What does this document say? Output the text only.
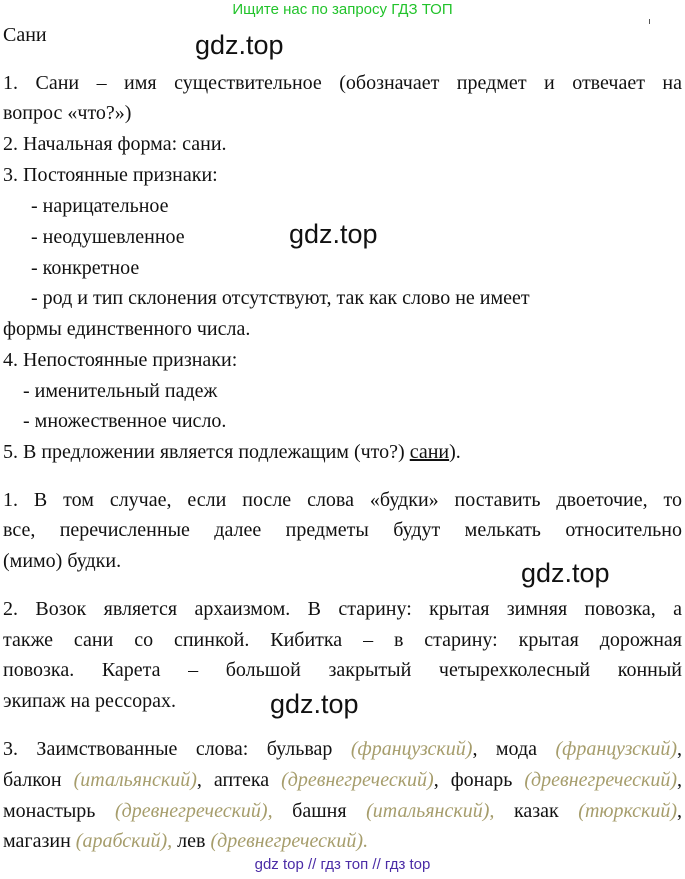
Ищите нас по запросу ГДЗ ТОП
Сани
1. Сани – имя существительное (обозначает предмет и отвечает на
вопрос «что?»)
2. Начальная форма: сани.
3. Постоянные признаки:
- нарицательное
- неодушевленное
- конкретное
- род и тип склонения отсутствуют, так как слово не имеет
формы единственного числа.
4. Непостоянные признаки:
- именительный падеж
- множественное число.
5. В предложении является подлежащим (что?) сани).
1. В том случае, если после слова «будки» поставить двоеточие, то
все, перечисленные далее предметы будут мелькать относительно
(мимо) будки.
2. Возок является архаизмом. В старину: крытая зимняя повозка, а
также сани со спинкой. Кибитка – в старину: крытая дорожная
повозка. Карета – большой закрытый четырехколесный конный
экипаж на рессорах.
3. Заимствованные слова: бульвар (французский), мода (французский),
балкон (итальянский), аптека (древнегреческий), фонарь (древнегреческий),
монастырь (древнегреческий), башня (итальянский), казак (тюркский),
магазин (арабский), лев (древнегреческий).
gdz.top
gdz.top
gdz.top
gdz.top
gdz top // гдз топ // гдз top
